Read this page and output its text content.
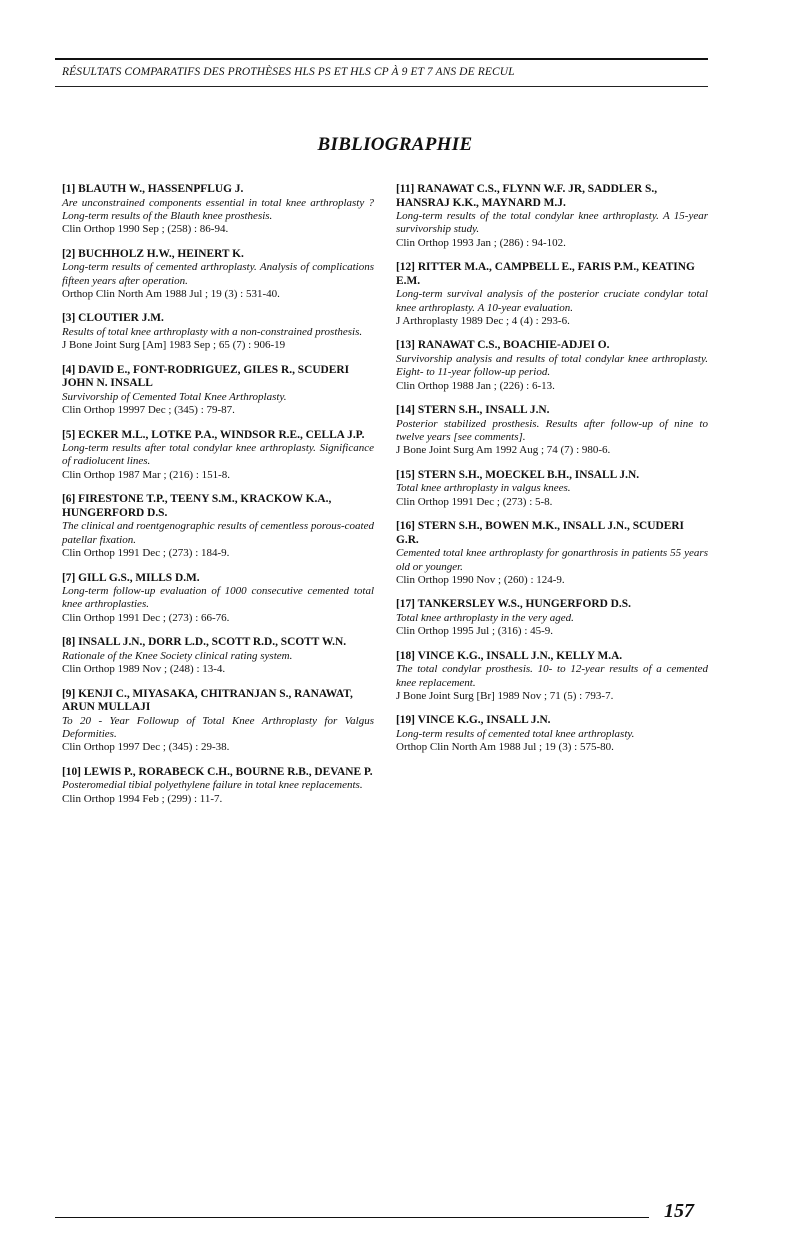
RÉSULTATS COMPARATIFS DES PROTHÈSES HLS PS ET HLS CP À 9 ET 7 ANS DE RECUL
BIBLIOGRAPHIE
[1] BLAUTH W., HASSENPFLUG J.
Are unconstrained components essential in total knee arthroplasty ? Long-term results of the Blauth knee prosthesis.
Clin Orthop 1990 Sep ; (258) : 86-94.
[2] BUCHHOLZ H.W., HEINERT K.
Long-term results of cemented arthroplasty. Analysis of complications fifteen years after operation.
Orthop Clin North Am 1988 Jul ; 19 (3) : 531-40.
[3] CLOUTIER J.M.
Results of total knee arthroplasty with a non-constrained prosthesis.
J Bone Joint Surg [Am] 1983 Sep ; 65 (7) : 906-19
[4] DAVID E., FONT-RODRIGUEZ, GILES R., SCUDERI JOHN N. INSALL
Survivorship of Cemented Total Knee Arthroplasty.
Clin Orthop 19997 Dec ; (345) : 79-87.
[5] ECKER M.L., LOTKE P.A., WINDSOR R.E., CELLA J.P.
Long-term results after total condylar knee arthroplasty. Significance of radiolucent lines.
Clin Orthop 1987 Mar ; (216) : 151-8.
[6] FIRESTONE T.P., TEENY S.M., KRACKOW K.A., HUNGERFORD D.S.
The clinical and roentgenographic results of cementless porous-coated patellar fixation.
Clin Orthop 1991 Dec ; (273) : 184-9.
[7] GILL G.S., MILLS D.M.
Long-term follow-up evaluation of 1000 consecutive cemented total knee arthroplasties.
Clin Orthop 1991 Dec ; (273) : 66-76.
[8] INSALL J.N., DORR L.D., SCOTT R.D., SCOTT W.N.
Rationale of the Knee Society clinical rating system.
Clin Orthop 1989 Nov ; (248) : 13-4.
[9] KENJI C., MIYASAKA, CHITRANJAN S., RANAWAT, ARUN MULLAJI
To 20 - Year Followup of Total Knee Arthroplasty for Valgus Deformities.
Clin Orthop 1997 Dec ; (345) : 29-38.
[10] LEWIS P., RORABECK C.H., BOURNE R.B., DEVANE P.
Posteromedial tibial polyethylene failure in total knee replacements.
Clin Orthop 1994 Feb ; (299) : 11-7.
[11] RANAWAT C.S., FLYNN W.F. JR, SADDLER S., HANSRAJ K.K., MAYNARD M.J.
Long-term results of the total condylar knee arthroplasty. A 15-year survivorship study.
Clin Orthop 1993 Jan ; (286) : 94-102.
[12] RITTER M.A., CAMPBELL E., FARIS P.M., KEATING E.M.
Long-term survival analysis of the posterior cruciate condylar total knee arthroplasty. A 10-year evaluation.
J Arthroplasty 1989 Dec ; 4 (4) : 293-6.
[13] RANAWAT C.S., BOACHIE-ADJEI O.
Survivorship analysis and results of total condylar knee arthroplasty. Eight- to 11-year follow-up period.
Clin Orthop 1988 Jan ; (226) : 6-13.
[14] STERN S.H., INSALL J.N.
Posterior stabilized prosthesis. Results after follow-up of nine to twelve years [see comments].
J Bone Joint Surg Am 1992 Aug ; 74 (7) : 980-6.
[15] STERN S.H., MOECKEL B.H., INSALL J.N.
Total knee arthroplasty in valgus knees.
Clin Orthop 1991 Dec ; (273) : 5-8.
[16] STERN S.H., BOWEN M.K., INSALL J.N., SCUDERI G.R.
Cemented total knee arthroplasty for gonarthrosis in patients 55 years old or younger.
Clin Orthop 1990 Nov ; (260) : 124-9.
[17] TANKERSLEY W.S., HUNGERFORD D.S.
Total knee arthroplasty in the very aged.
Clin Orthop 1995 Jul ; (316) : 45-9.
[18] VINCE K.G., INSALL J.N., KELLY M.A.
The total condylar prosthesis. 10- to 12-year results of a cemented knee replacement.
J Bone Joint Surg [Br] 1989 Nov ; 71 (5) : 793-7.
[19] VINCE K.G., INSALL J.N.
Long-term results of cemented total knee arthroplasty.
Orthop Clin North Am 1988 Jul ; 19 (3) : 575-80.
157
